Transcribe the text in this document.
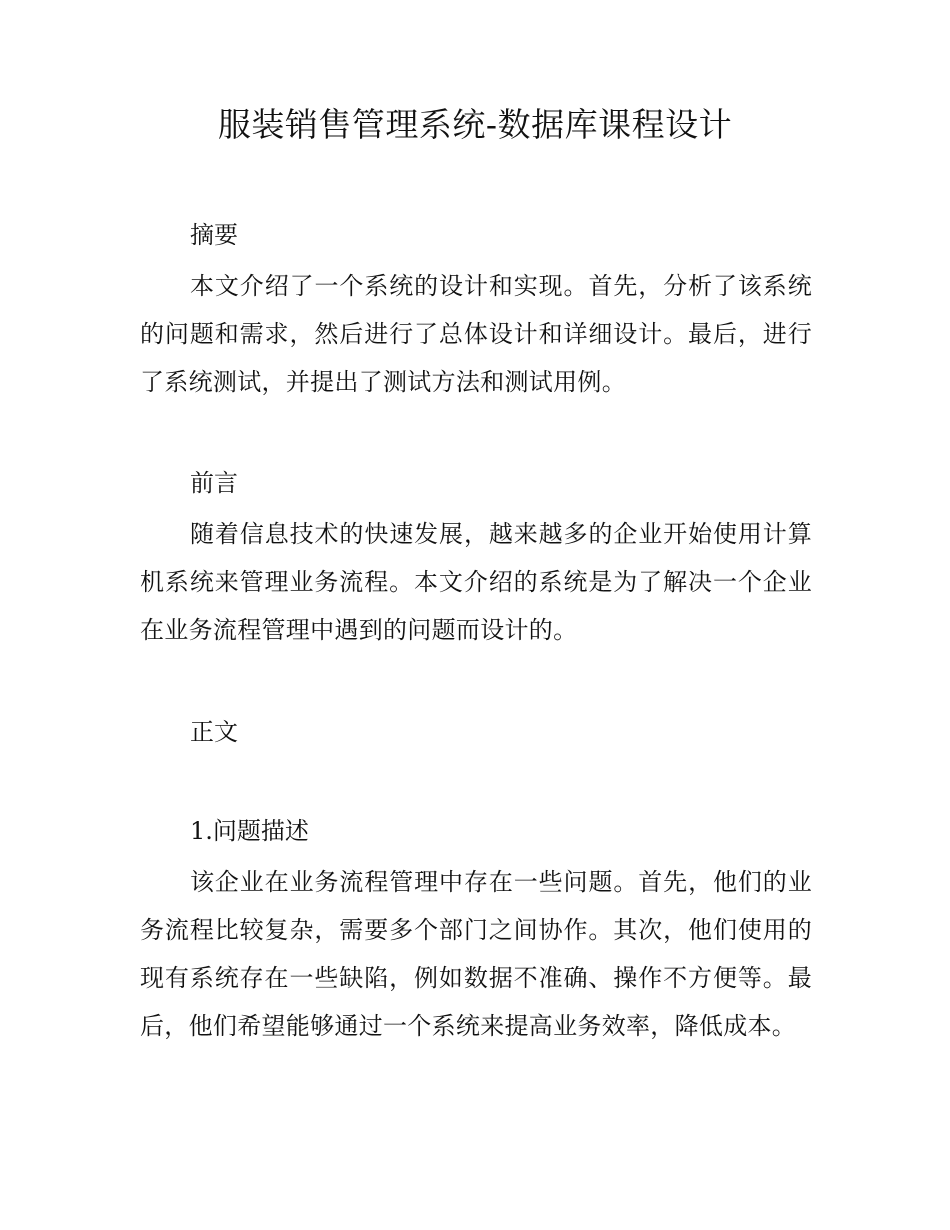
服装销售管理系统-数据库课程设计
摘要

本文介绍了一个系统的设计和实现。首先，分析了该系统的问题和需求，然后进行了总体设计和详细设计。最后，进行了系统测试，并提出了测试方法和测试用例。

前言

随着信息技术的快速发展，越来越多的企业开始使用计算机系统来管理业务流程。本文介绍的系统是为了解决一个企业在业务流程管理中遇到的问题而设计的。

正文
1.问题描述

该企业在业务流程管理中存在一些问题。首先，他们的业务流程比较复杂，需要多个部门之间协作。其次，他们使用的现有系统存在一些缺陷，例如数据不准确、操作不方便等。最后，他们希望能够通过一个系统来提高业务效率，降低成本。
